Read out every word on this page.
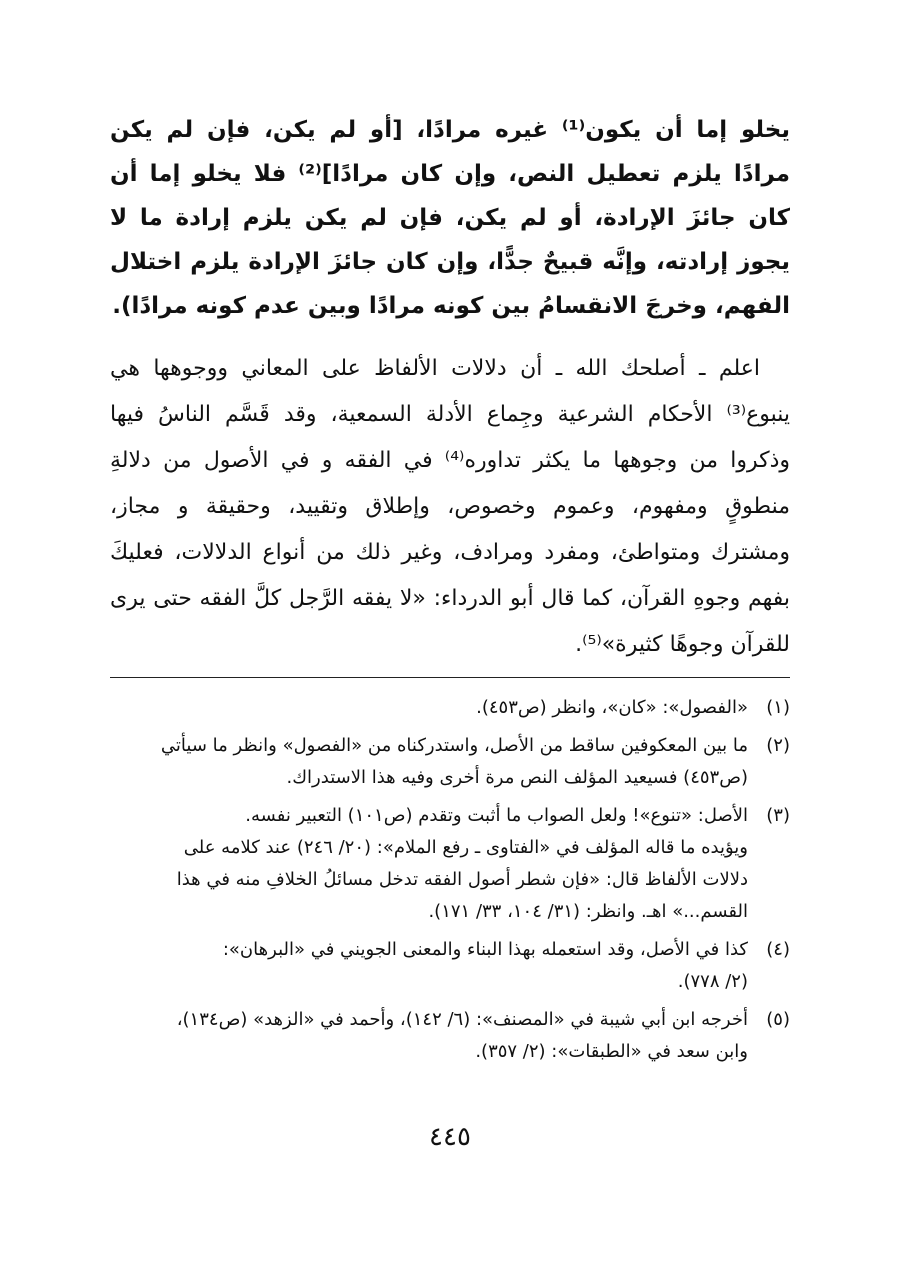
يخلو إما أن يكون⁽¹⁾ غيره مرادًا، [أو لم يكن، فإن لم يكن مرادًا يلزم تعطيل النص، وإن كان مرادًا]⁽²⁾ فلا يخلو إما أن كان جائزَ الإرادة، أو لم يكن، فإن لم يكن يلزم إرادة ما لا يجوز إرادته، وإنَّه قبيحٌ جدًّا، وإن كان جائزَ الإرادة يلزم اختلال الفهم، وخرجَ الانقسامُ بين كونه مرادًا وبين عدم كونه مرادًا).

اعلم ـ أصلحك الله ـ أن دلالات الألفاظ على المعاني ووجوهها هي ينبوع⁽³⁾ الأحكام الشرعية وجِماع الأدلة السمعية، وقد قَسَّم الناسُ فيها وذكروا من وجوهها ما يكثر تداوره⁽⁴⁾ في الفقه و في الأصول من دلالةِ منطوقٍ ومفهوم، وعموم وخصوص، وإطلاق وتقييد، وحقيقة و مجاز، ومشترك ومتواطئ، ومفرد ومرادف، وغير ذلك من أنواع الدلالات، فعليكَ بفهم وجوهِ القرآن، كما قال أبو الدرداء: «لا يفقه الرَّجل كلَّ الفقه حتى يرى للقرآن وجوهًا كثيرة»⁽⁵⁾.

(١)
«الفصول»: «كان»، وانظر (ص٤٥٣).
(٢)
ما بين المعكوفين ساقط من الأصل، واستدركناه من «الفصول» وانظر ما سيأتي
(ص٤٥٣) فسيعيد المؤلف النص مرة أخرى وفيه هذا الاستدراك.
(٣)
الأصل: «تنوع»! ولعل الصواب ما أثبت وتقدم (ص١٠١) التعبير نفسه.
ويؤيده ما قاله المؤلف في «الفتاوى ـ رفع الملام»: (٢٠/ ٢٤٦) عند كلامه على
دلالات الألفاظ قال: «فإن شطر أصول الفقه تدخل مسائلُ الخلافِ منه في هذا
القسم...» اهـ. وانظر: (٣١/ ١٠٤، ٣٣/ ١٧١).
(٤)
كذا في الأصل، وقد استعمله بهذا البناء والمعنى الجويني في «البرهان»:
(٢/ ٧٧٨).
(٥)
أخرجه ابن أبي شيبة في «المصنف»: (٦/ ١٤٢)، وأحمد في «الزهد» (ص١٣٤)،
وابن سعد في «الطبقات»: (٢/ ٣٥٧).
٤٤٥
